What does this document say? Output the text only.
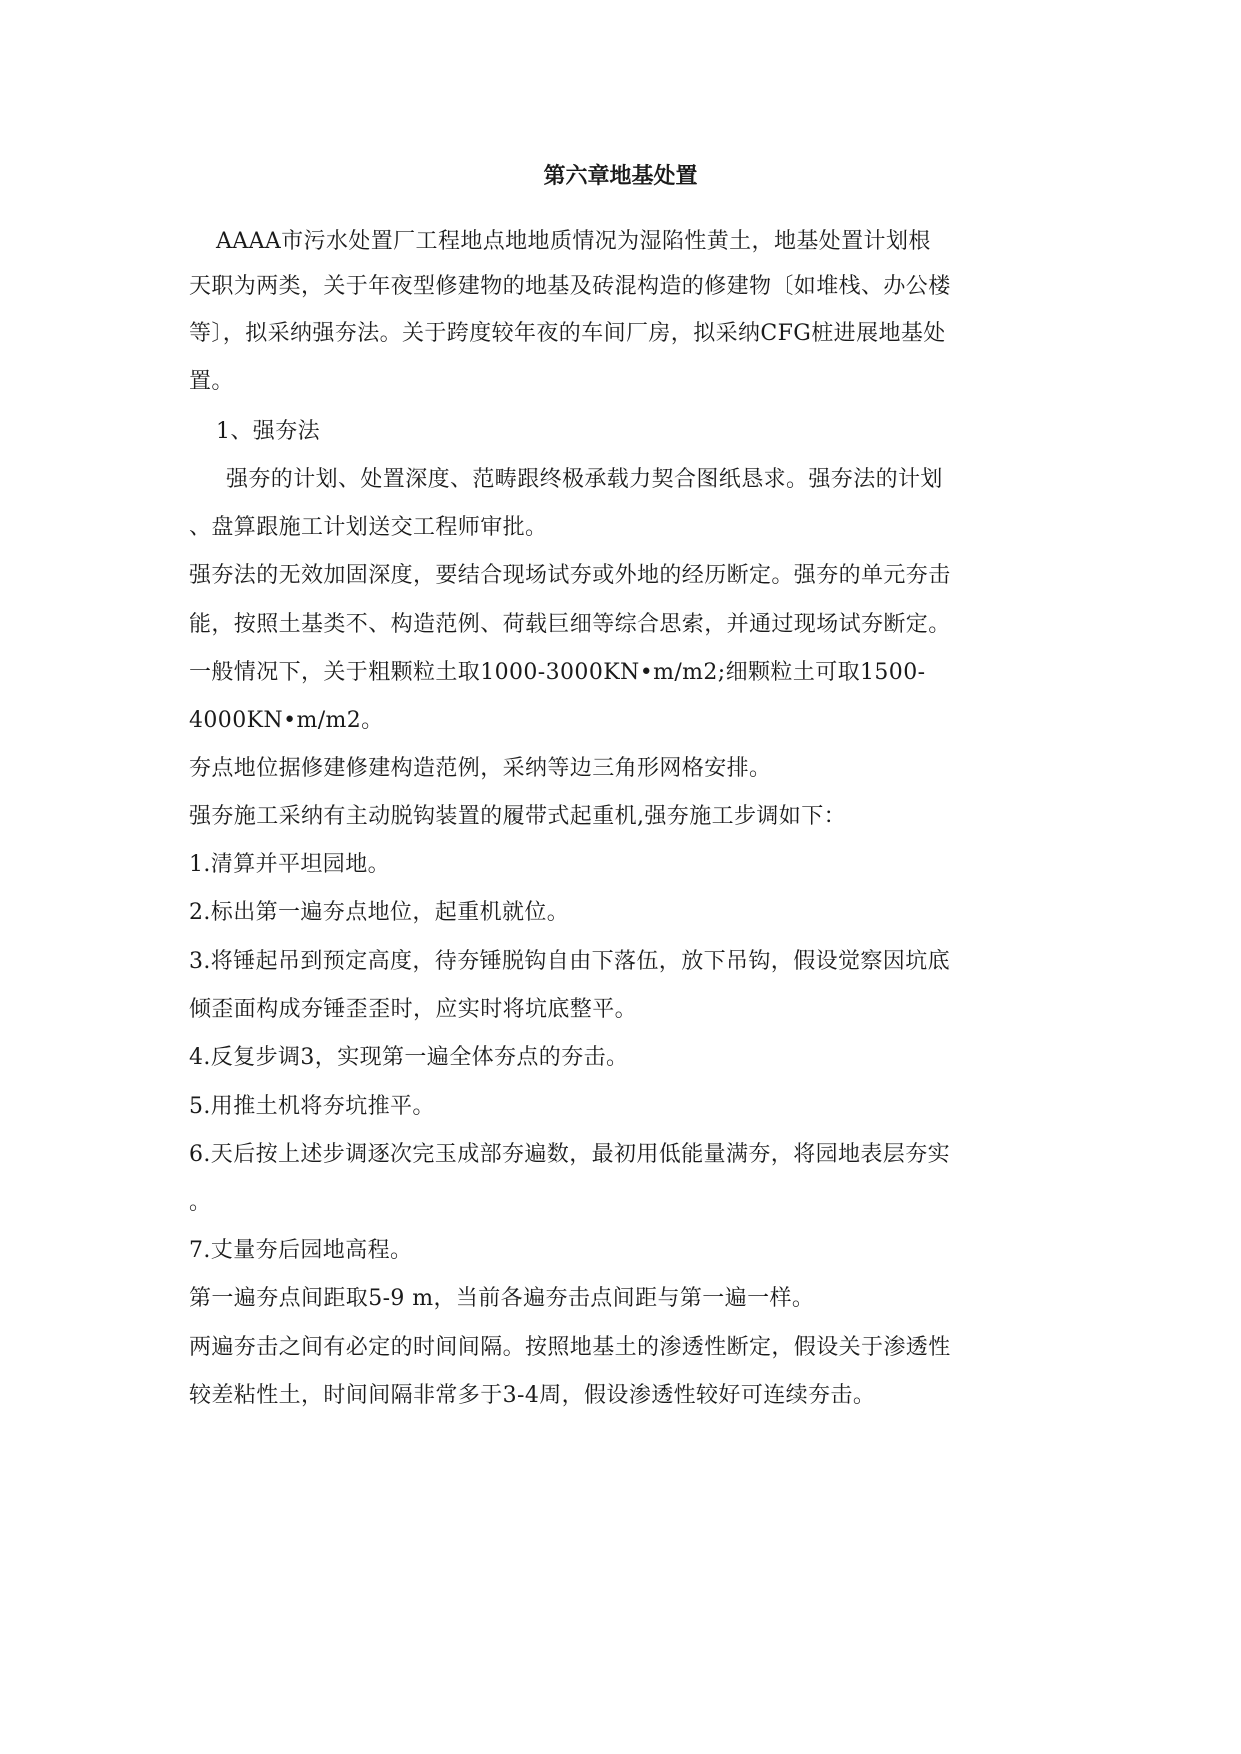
第六章地基处置
AAAA市污水处置厂工程地点地地质情况为湿陷性黄土，地基处置计划根
天职为两类，关于年夜型修建物的地基及砖混构造的修建物〔如堆栈、办公楼
等〕，拟采纳强夯法。关于跨度较年夜的车间厂房，拟采纳CFG桩进展地基处
置。
1、强夯法
强夯的计划、处置深度、范畴跟终极承载力契合图纸恳求。强夯法的计划
、盘算跟施工计划送交工程师审批。
强夯法的无效加固深度，要结合现场试夯或外地的经历断定。强夯的单元夯击
能，按照土基类不、构造范例、荷载巨细等综合思索，并通过现场试夯断定。
一般情况下，关于粗颗粒土取1000-3000KN•m/m2;细颗粒土可取1500-
4000KN•m/m2。
夯点地位据修建修建构造范例，采纳等边三角形网格安排。
强夯施工采纳有主动脱钩装置的履带式起重机,强夯施工步调如下：
1.清算并平坦园地。
2.标出第一遍夯点地位，起重机就位。
3.将锤起吊到预定高度，待夯锤脱钩自由下落伍，放下吊钩，假设觉察因坑底
倾歪面构成夯锤歪歪时，应实时将坑底整平。
4.反复步调3，实现第一遍全体夯点的夯击。
5.用推土机将夯坑推平。
6.天后按上述步调逐次完玉成部夯遍数，最初用低能量满夯，将园地表层夯实
。
7.丈量夯后园地高程。
第一遍夯点间距取5-9 m，当前各遍夯击点间距与第一遍一样。
两遍夯击之间有必定的时间间隔。按照地基土的渗透性断定，假设关于渗透性
较差粘性土，时间间隔非常多于3-4周，假设渗透性较好可连续夯击。
